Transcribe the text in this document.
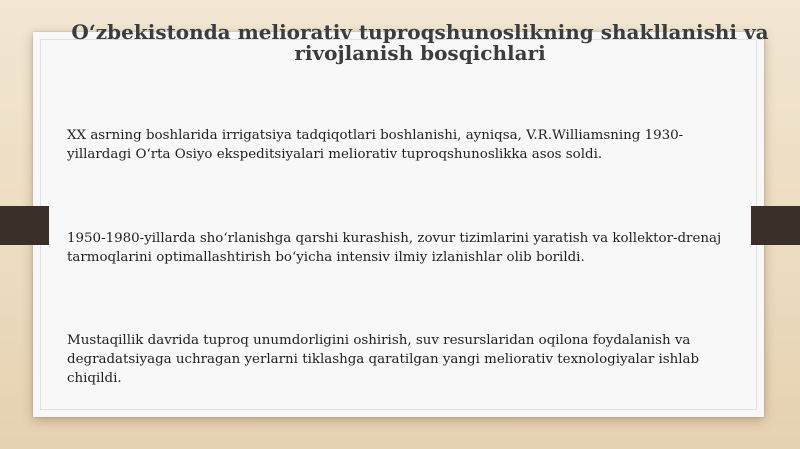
O‘zbekistonda meliorativ tuproqshunoslikning shakllanishi va rivojlanish bosqichlari

XX asrning boshlarida irrigatsiya tadqiqotlari boshlanishi, ayniqsa, V.R.Williamsning 1930-yillardagi O‘rta Osiyo ekspeditsiyalari meliorativ tuproqshunoslikka asos soldi.

1950-1980-yillarda sho‘rlanishga qarshi kurashish, zovur tizimlarini yaratish va kollektor-drenaj tarmoqlarini optimallashtirish bo‘yicha intensiv ilmiy izlanishlar olib borildi.

Mustaqillik davrida tuproq unumdorligini oshirish, suv resurslaridan oqilona foydalanish va degradatsiyaga uchragan yerlarni tiklashga qaratilgan yangi meliorativ texnologiyalar ishlab chiqildi.
